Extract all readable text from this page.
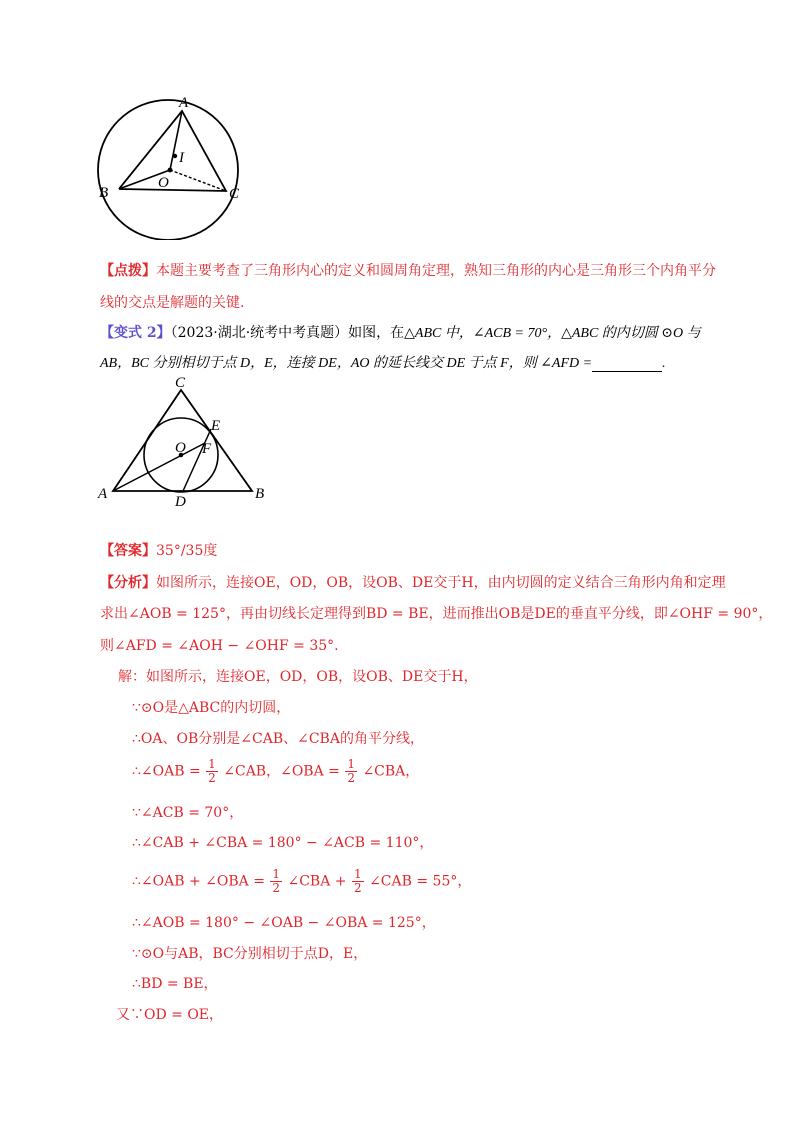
A
I
O
B	C
【点拨】本题主要考查了三角形内心的定义和圆周角定理，熟知三角形的内心是三角形三个内角平分
线的交点是解题的关键.
【变式 2】（2023·湖北·统考中考真题）如图，在△ABC 中，∠ACB = 70°，△ABC 的内切圆 ⊙O 与
AB，BC 分别相切于点 D，E，连接 DE，AO 的延长线交 DE 于点 F，则 ∠AFD =	.
C
E
O F
A	D	B
【答案】35°/35度
【分析】如图所示，连接OE，OD，OB，设OB、DE交于H，由内切圆的定义结合三角形内角和定理
求出∠AOB = 125°，再由切线长定理得到BD = BE，进而推出OB是DE的垂直平分线，即∠OHF = 90°，
则∠AFD = ∠AOH − ∠OHF = 35°.
解：如图所示，连接OE，OD，OB，设OB、DE交于H，
∵⊙O是△ABC的内切圆，
∴OA、OB分别是∠CAB、∠CBA的角平分线，
∴∠OAB = $\frac{1}{2}$ ∠CAB，∠OBA = $\frac{1}{2}$ ∠CBA，
∵∠ACB = 70°，
∴∠CAB + ∠CBA = 180° − ∠ACB = 110°，
∴∠OAB + ∠OBA = $\frac{1}{2}$ ∠CBA + $\frac{1}{2}$ ∠CAB = 55°，
∴∠AOB = 180° − ∠OAB − ∠OBA = 125°，
∵⊙O与AB，BC分别相切于点D，E，
∴BD = BE，
又∵OD = OE，
